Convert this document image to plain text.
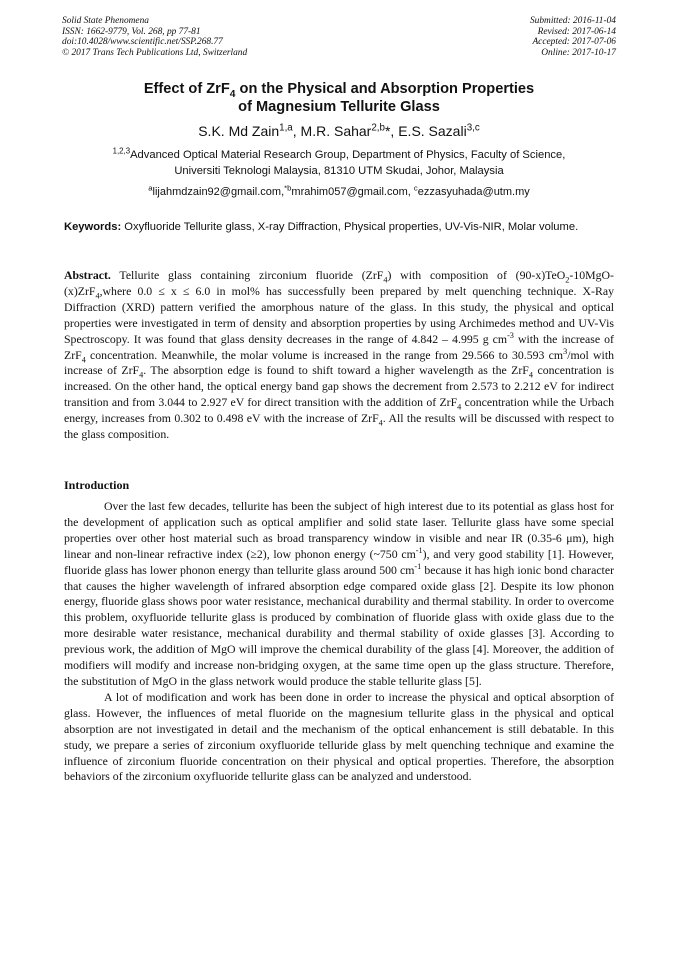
Solid State Phenomena
ISSN: 1662-9779, Vol. 268, pp 77-81
doi:10.4028/www.scientific.net/SSP.268.77
© 2017 Trans Tech Publications Ltd, Switzerland
Submitted: 2016-11-04
Revised: 2017-06-14
Accepted: 2017-07-06
Online: 2017-10-17
Effect of ZrF$_4$ on the Physical and Absorption Properties
of Magnesium Tellurite Glass
S.K. Md Zain$^{1,a}$, M.R. Sahar$^{2,b}$*, E.S. Sazali$^{3,c}$
$^{1,2,3}$Advanced Optical Material Research Group, Department of Physics, Faculty of Science,
Universiti Teknologi Malaysia, 81310 UTM Skudai, Johor, Malaysia
$^a$lijahmdzain92@gmail.com,$^{*b}$mrahim057@gmail.com, $^c$ezzasyuhada@utm.my
Keywords: Oxyfluoride Tellurite glass, X-ray Diffraction, Physical properties, UV-Vis-NIR, Molar volume.
Abstract. Tellurite glass containing zirconium fluoride (ZrF$_4$) with composition of (90-x)TeO$_2$-10MgO-(x)ZrF$_4$,where 0.0 ≤ x ≤ 6.0 in mol% has successfully been prepared by melt quenching technique. X-Ray Diffraction (XRD) pattern verified the amorphous nature of the glass. In this study, the physical and optical properties were investigated in term of density and absorption properties by using Archimedes method and UV-Vis Spectroscopy. It was found that glass density decreases in the range of 4.842 – 4.995 g $cm^{-3}$ with the increase of ZrF$_4$ concentration. Meanwhile, the molar volume is increased in the range from 29.566 to 30.593 $cm^3$/mol with increase of ZrF$_4$. The absorption edge is found to shift toward a higher wavelength as the ZrF$_4$ concentration is increased. On the other hand, the optical energy band gap shows the decrement from 2.573 to 2.212 eV for indirect transition and from 3.044 to 2.927 eV for direct transition with the addition of ZrF$_4$ concentration while the Urbach energy, increases from 0.302 to 0.498 eV with the increase of ZrF$_4$. All the results will be discussed with respect to the glass composition.
Introduction

Over the last few decades, tellurite has been the subject of high interest due to its potential as glass host for the development of application such as optical amplifier and solid state laser. Tellurite glass have some special properties over other host material such as broad transparency window in visible and near IR (0.35-6 μm), high linear and non-linear refractive index (≥2), low phonon energy (~750 $cm^{-1}$), and very good stability [1]. However, fluoride glass has lower phonon energy than tellurite glass around 500 $cm^{-1}$ because it has high ionic bond character that causes the higher wavelength of infrared absorption edge compared oxide glass [2]. Despite its low phonon energy, fluoride glass shows poor water resistance, mechanical durability and thermal stability. In order to overcome this problem, oxyfluoride tellurite glass is produced by combination of fluoride glass with oxide glass due to the more desirable water resistance, mechanical durability and thermal stability of oxide glasses [3]. According to previous work, the addition of MgO will improve the chemical durability of the glass [4]. Moreover, the addition of modifiers will modify and increase non-bridging oxygen, at the same time open up the glass structure. Therefore, the substitution of MgO in the glass network would produce the stable tellurite glass [5].

A lot of modification and work has been done in order to increase the physical and optical absorption of glass. However, the influences of metal fluoride on the magnesium tellurite glass in the physical and optical absorption are not investigated in detail and the mechanism of the optical enhancement is still debatable. In this study, we prepare a series of zirconium oxyfluoride telluride glass by melt quenching technique and examine the influence of zirconium fluoride concentration on their physical and optical properties. Therefore, the absorption behaviors of the zirconium oxyfluoride tellurite glass can be analyzed and understood.
